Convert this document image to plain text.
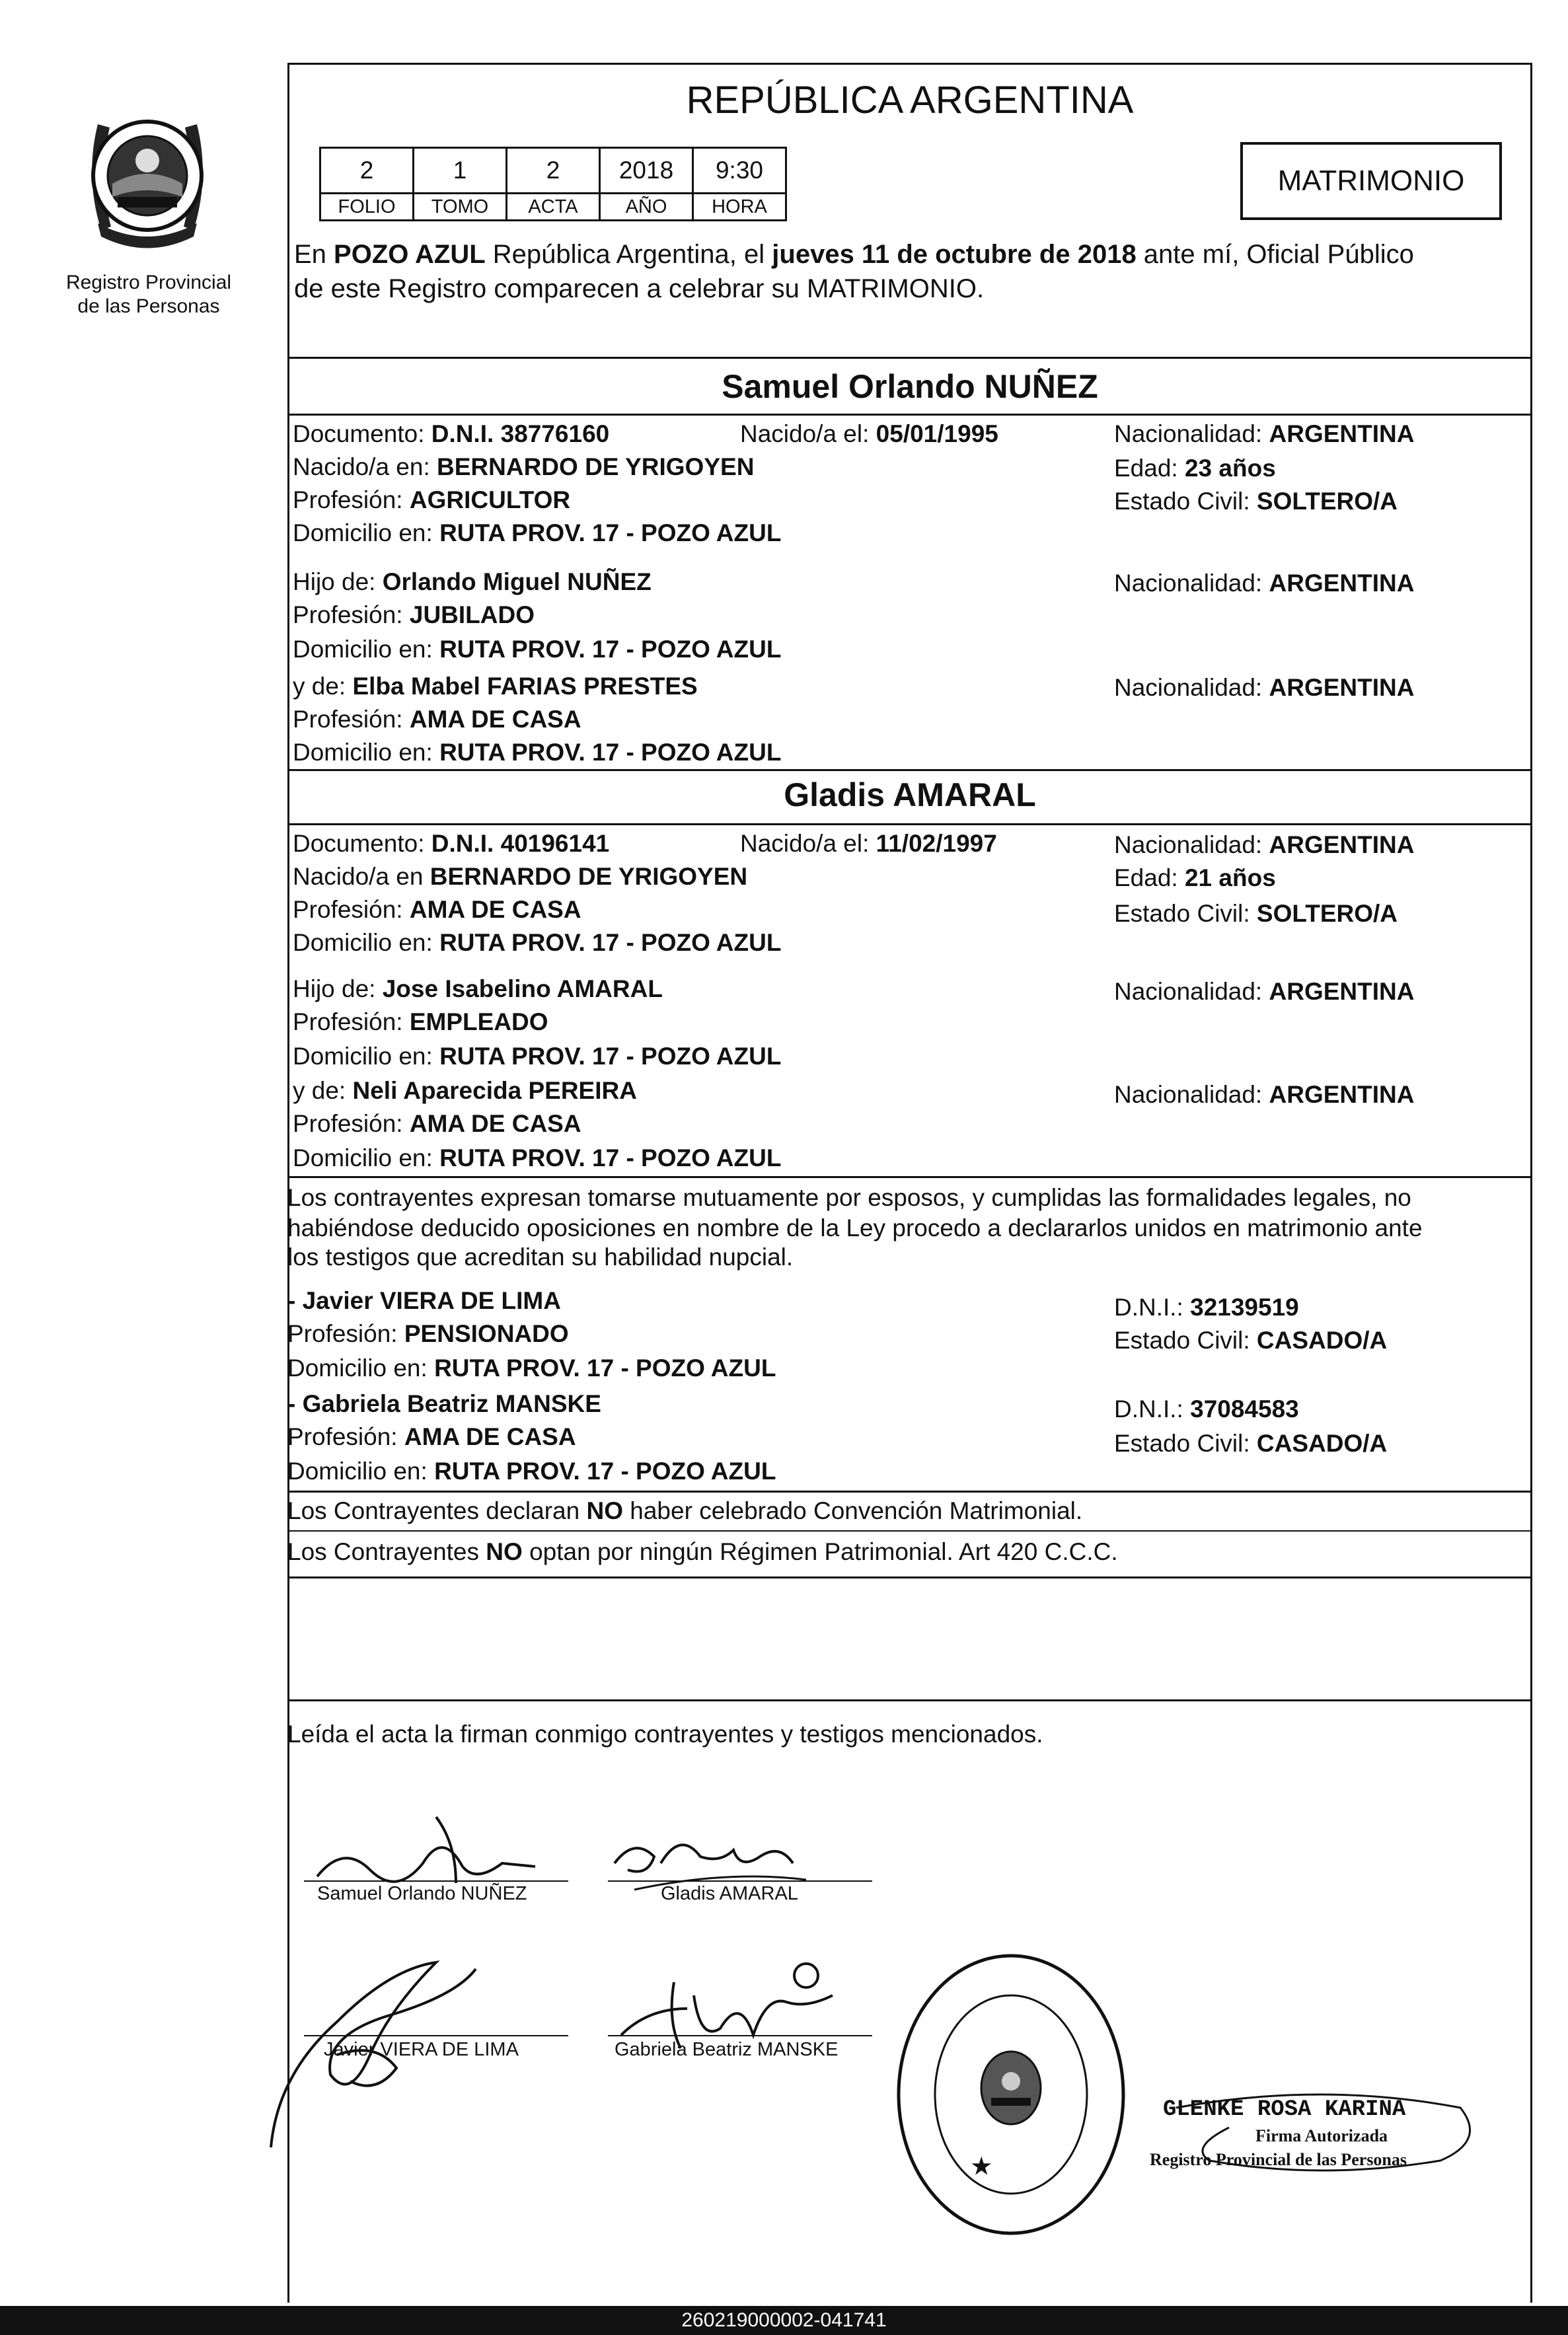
Registro Provincial
de las Personas
REPÚBLICA ARGENTINA
2	1	2	2018	9:30
FOLIO	TOMO	ACTA	AÑO	HORA
MATRIMONIO
En POZO AZUL República Argentina, el jueves 11 de octubre de 2018 ante mí, Oficial Público
de este Registro comparecen a celebrar su MATRIMONIO.
Samuel Orlando NUÑEZ
Documento: D.N.I. 38776160	Nacido/a el: 05/01/1995	Nacionalidad: ARGENTINA
Nacido/a en: BERNARDO DE YRIGOYEN	Edad: 23 años
Profesión: AGRICULTOR	Estado Civil: SOLTERO/A
Domicilio en: RUTA PROV. 17 - POZO AZUL
Hijo de: Orlando Miguel NUÑEZ	Nacionalidad: ARGENTINA
Profesión: JUBILADO
Domicilio en: RUTA PROV. 17 - POZO AZUL
y de: Elba Mabel FARIAS PRESTES	Nacionalidad: ARGENTINA
Profesión: AMA DE CASA
Domicilio en: RUTA PROV. 17 - POZO AZUL
Gladis AMARAL
Documento: D.N.I. 40196141	Nacido/a el: 11/02/1997	Nacionalidad: ARGENTINA
Nacido/a en BERNARDO DE YRIGOYEN	Edad: 21 años
Profesión: AMA DE CASA	Estado Civil: SOLTERO/A
Domicilio en: RUTA PROV. 17 - POZO AZUL
Hijo de: Jose Isabelino AMARAL	Nacionalidad: ARGENTINA
Profesión: EMPLEADO
Domicilio en: RUTA PROV. 17 - POZO AZUL
y de: Neli Aparecida PEREIRA	Nacionalidad: ARGENTINA
Profesión: AMA DE CASA
Domicilio en: RUTA PROV. 17 - POZO AZUL
Los contrayentes expresan tomarse mutuamente por esposos, y cumplidas las formalidades legales, no
habiéndose deducido oposiciones en nombre de la Ley procedo a declararlos unidos en matrimonio ante
los testigos que acreditan su habilidad nupcial.
- Javier VIERA DE LIMA	D.N.I.: 32139519
Profesión: PENSIONADO	Estado Civil: CASADO/A
Domicilio en: RUTA PROV. 17 - POZO AZUL
- Gabriela Beatriz MANSKE	D.N.I.: 37084583
Profesión: AMA DE CASA	Estado Civil: CASADO/A
Domicilio en: RUTA PROV. 17 - POZO AZUL
Los Contrayentes declaran NO haber celebrado Convención Matrimonial.
Los Contrayentes NO optan por ningún Régimen Patrimonial. Art 420 C.C.C.
Leída el acta la firman conmigo contrayentes y testigos mencionados.
Samuel Orlando NUÑEZ	Gladis AMARAL
Javier VIERA DE LIMA	Gabriela Beatriz MANSKE
★
GLENKE ROSA KARINA
Firma Autorizada
Registro Provincial de las Personas
260219000002-041741
